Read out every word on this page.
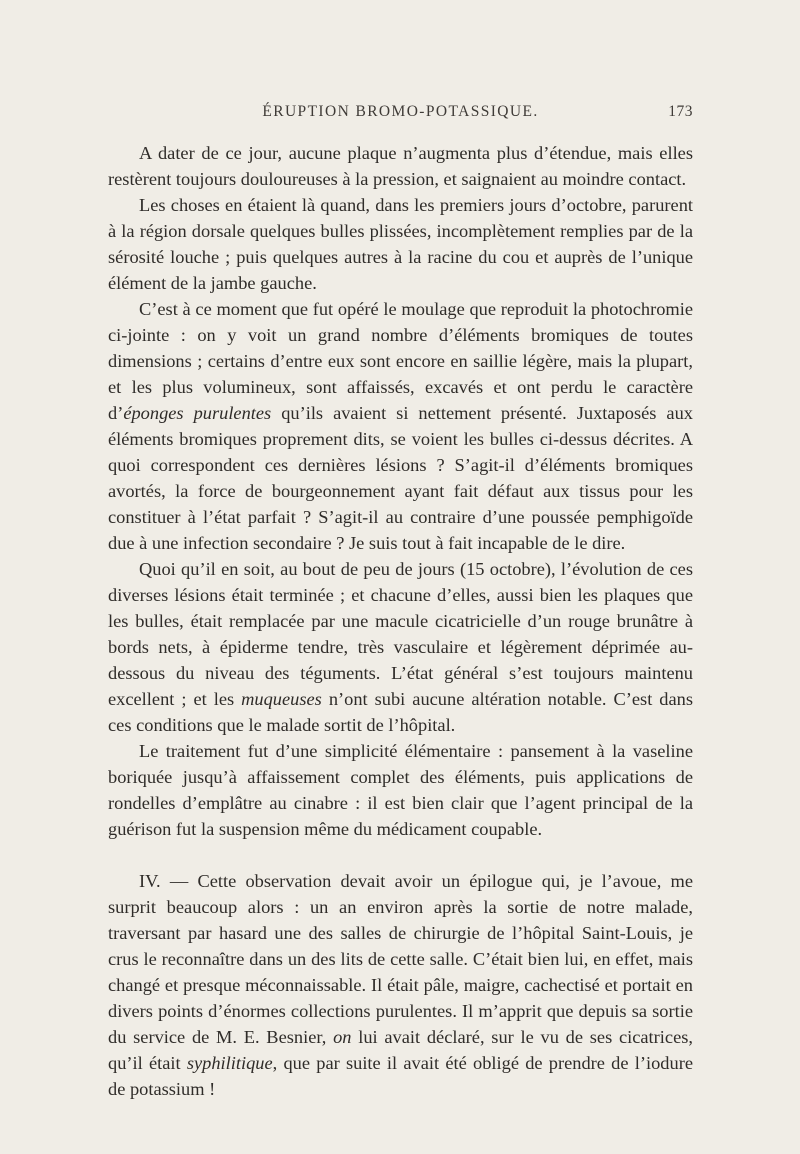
ÉRUPTION BROMO-POTASSIQUE.	173

A dater de ce jour, aucune plaque n’augmenta plus d’étendue, mais elles restèrent toujours douloureuses à la pression, et saignaient au moindre contact.

Les choses en étaient là quand, dans les premiers jours d’octobre, parurent à la région dorsale quelques bulles plissées, incomplètement remplies par de la sérosité louche ; puis quelques autres à la racine du cou et auprès de l’unique élément de la jambe gauche.

C’est à ce moment que fut opéré le moulage que reproduit la photochromie ci-jointe : on y voit un grand nombre d’éléments bromiques de toutes dimensions ; certains d’entre eux sont encore en saillie légère, mais la plupart, et les plus volumineux, sont affaissés, excavés et ont perdu le caractère d’éponges purulentes qu’ils avaient si nettement présenté. Juxtaposés aux éléments bromiques proprement dits, se voient les bulles ci-dessus décrites. A quoi correspondent ces dernières lésions ? S’agit-il d’éléments bromiques avortés, la force de bourgeonnement ayant fait défaut aux tissus pour les constituer à l’état parfait ? S’agit-il au contraire d’une poussée pemphigoïde due à une infection secondaire ? Je suis tout à fait incapable de le dire.

Quoi qu’il en soit, au bout de peu de jours (15 octobre), l’évolution de ces diverses lésions était terminée ; et chacune d’elles, aussi bien les plaques que les bulles, était remplacée par une macule cicatricielle d’un rouge brunâtre à bords nets, à épiderme tendre, très vasculaire et légèrement déprimée au-dessous du niveau des téguments. L’état général s’est toujours maintenu excellent ; et les muqueuses n’ont subi aucune altération notable. C’est dans ces conditions que le malade sortit de l’hôpital.

Le traitement fut d’une simplicité élémentaire : pansement à la vaseline boriquée jusqu’à affaissement complet des éléments, puis applications de rondelles d’emplâtre au cinabre : il est bien clair que l’agent principal de la guérison fut la suspension même du médicament coupable.

IV. — Cette observation devait avoir un épilogue qui, je l’avoue, me surprit beaucoup alors : un an environ après la sortie de notre malade, traversant par hasard une des salles de chirurgie de l’hôpital Saint-Louis, je crus le reconnaître dans un des lits de cette salle. C’était bien lui, en effet, mais changé et presque méconnaissable. Il était pâle, maigre, cachectisé et portait en divers points d’énormes collections purulentes. Il m’apprit que depuis sa sortie du service de M. E. Besnier, on lui avait déclaré, sur le vu de ses cicatrices, qu’il était syphilitique, que par suite il avait été obligé de prendre de l’iodure de potassium !
